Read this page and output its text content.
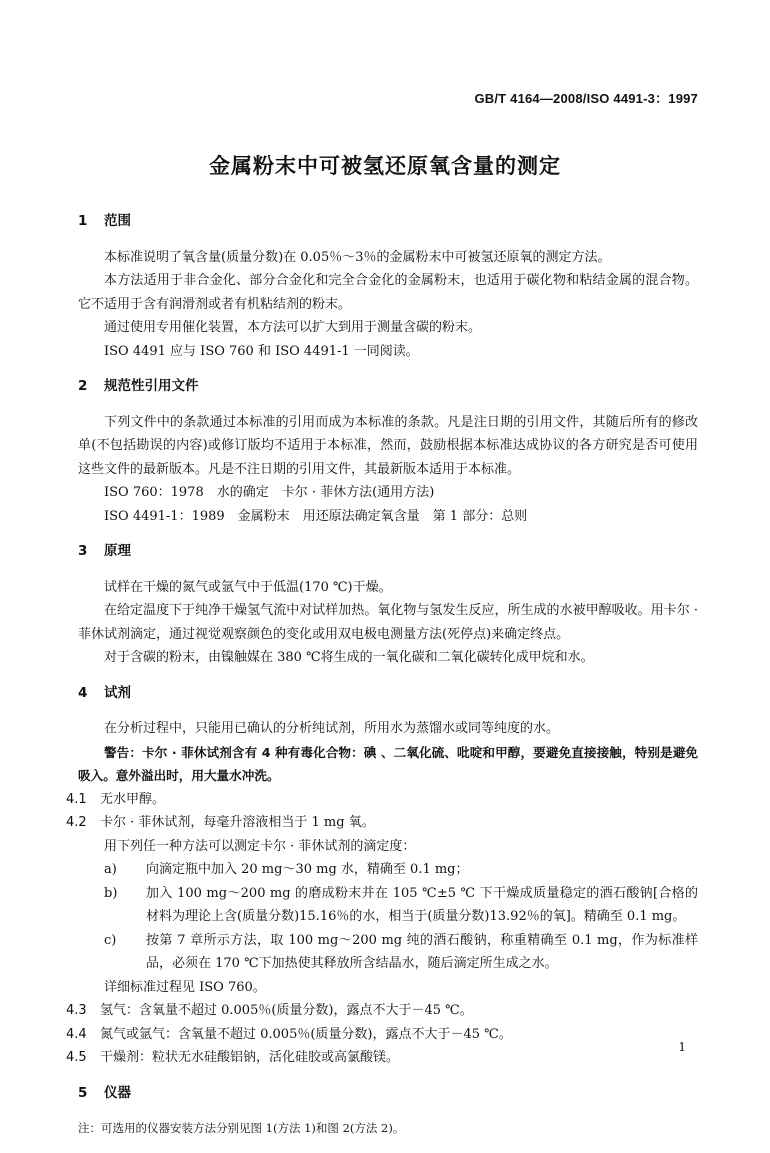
GB/T 4164—2008/ISO 4491-3：1997
金属粉末中可被氢还原氧含量的测定
1 范围

本标准说明了氧含量(质量分数)在 0.05％～3％的金属粉末中可被氢还原氧的测定方法。

本方法适用于非合金化、部分合金化和完全合金化的金属粉末，也适用于碳化物和粘结金属的混合物。它不适用于含有润滑剂或者有机粘结剂的粉末。

通过使用专用催化装置，本方法可以扩大到用于测量含碳的粉末。

ISO 4491 应与 ISO 760 和 ISO 4491-1 一同阅读。

2 规范性引用文件

下列文件中的条款通过本标准的引用而成为本标准的条款。凡是注日期的引用文件，其随后所有的修改单(不包括勘误的内容)或修订版均不适用于本标准，然而，鼓励根据本标准达成协议的各方研究是否可使用这些文件的最新版本。凡是不注日期的引用文件，其最新版本适用于本标准。

ISO 760：1978　水的确定　卡尔 · 菲休方法(通用方法)

ISO 4491-1：1989　金属粉末　用还原法确定氧含量　第 1 部分：总则

3 原理

试样在干燥的氮气或氩气中于低温(170 ℃)干燥。

在给定温度下于纯净干燥氢气流中对试样加热。氧化物与氢发生反应，所生成的水被甲醇吸收。用卡尔 · 菲休试剂滴定，通过视觉观察颜色的变化或用双电极电测量方法(死停点)来确定终点。

对于含碳的粉末，由镍触媒在 380 ℃将生成的一氧化碳和二氧化碳转化成甲烷和水。

4 试剂

在分析过程中，只能用已确认的分析纯试剂，所用水为蒸馏水或同等纯度的水。

警告：卡尔 · 菲休试剂含有 4 种有毒化合物：碘 、二氧化硫、吡啶和甲醇，要避免直接接触，特别是避免吸入。意外溢出时，用大量水冲洗。

4.1 无水甲醇。
4.2 卡尔 · 菲休试剂，每毫升溶液相当于 1 mg 氧。

用下列任一种方法可以测定卡尔 · 菲休试剂的滴定度：

a) 向滴定瓶中加入 20 mg～30 mg 水，精确至 0.1 mg；
b) 加入 100 mg～200 mg 的磨成粉末并在 105 ℃±5 ℃ 下干燥成质量稳定的酒石酸钠[合格的材料为理论上含(质量分数)15.16％的水，相当于(质量分数)13.92％的氧]。精确至 0.1 mg。
c) 按第 7 章所示方法，取 100 mg～200 mg 纯的酒石酸钠，称重精确至 0.1 mg，作为标准样品，必须在 170 ℃下加热使其释放所含结晶水，随后滴定所生成之水。

详细标准过程见 ISO 760。

4.3 氢气：含氧量不超过 0.005％(质量分数)，露点不大于－45 ℃。
4.4 氮气或氩气：含氧量不超过 0.005％(质量分数)，露点不大于－45 ℃。
4.5 干燥剂：粒状无水硅酸铝钠，活化硅胶或高氯酸镁。
5 仪器

注：可选用的仪器安装方法分别见图 1(方法 1)和图 2(方法 2)。

1
